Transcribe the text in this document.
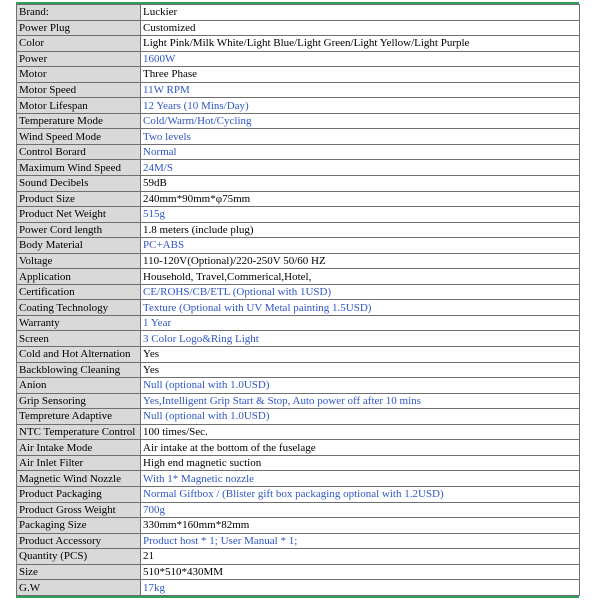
Brand:	Luckier
Power Plug	Customized
Color	Light Pink/Milk White/Light Blue/Light Green/Light Yellow/Light Purple
Power	1600W
Motor	Three Phase
Motor Speed	11W RPM
Motor Lifespan	12 Years (10 Mins/Day)
Temperature Mode	Cold/Warm/Hot/Cycling
Wind Speed Mode	Two levels
Control Borard	Normal
Maximum Wind Speed	24M/S
Sound Decibels	59dB
Product Size	240mm*90mm*φ75mm
Product Net Weight	515g
Power Cord length	1.8 meters (include plug)
Body Material	PC+ABS
Voltage	110-120V(Optional)/220-250V 50/60 HZ
Application	Household, Travel,Commerical,Hotel,
Certification	CE/ROHS/CB/ETL (Optional with 1USD)
Coating Technology	Texture (Optional with UV Metal painting 1.5USD)
Warranty	1 Year
Screen	3 Color Logo&Ring Light
Cold and Hot Alternation	Yes
Backblowing Cleaning	Yes
Anion	Null (optional with 1.0USD)
Grip Sensoring	Yes,Intelligent Grip Start & Stop, Auto power off after 10 mins
Tempreture Adaptive	Null (optional with 1.0USD)
NTC Temperature Control	100 times/Sec.
Air Intake Mode	Air intake at the bottom of the fuselage
Air Inlet Filter	High end magnetic suction
Magnetic Wind Nozzle	With 1* Magnetic nozzle
Product Packaging	Normal Giftbox / (Blister gift box packaging optional with 1.2USD)
Product Gross Weight	700g
Packaging Size	330mm*160mm*82mm
Product Accessory	Product host * 1; User Manual * 1;
Quantity (PCS)	21
Size	510*510*430MM
G.W	17kg
